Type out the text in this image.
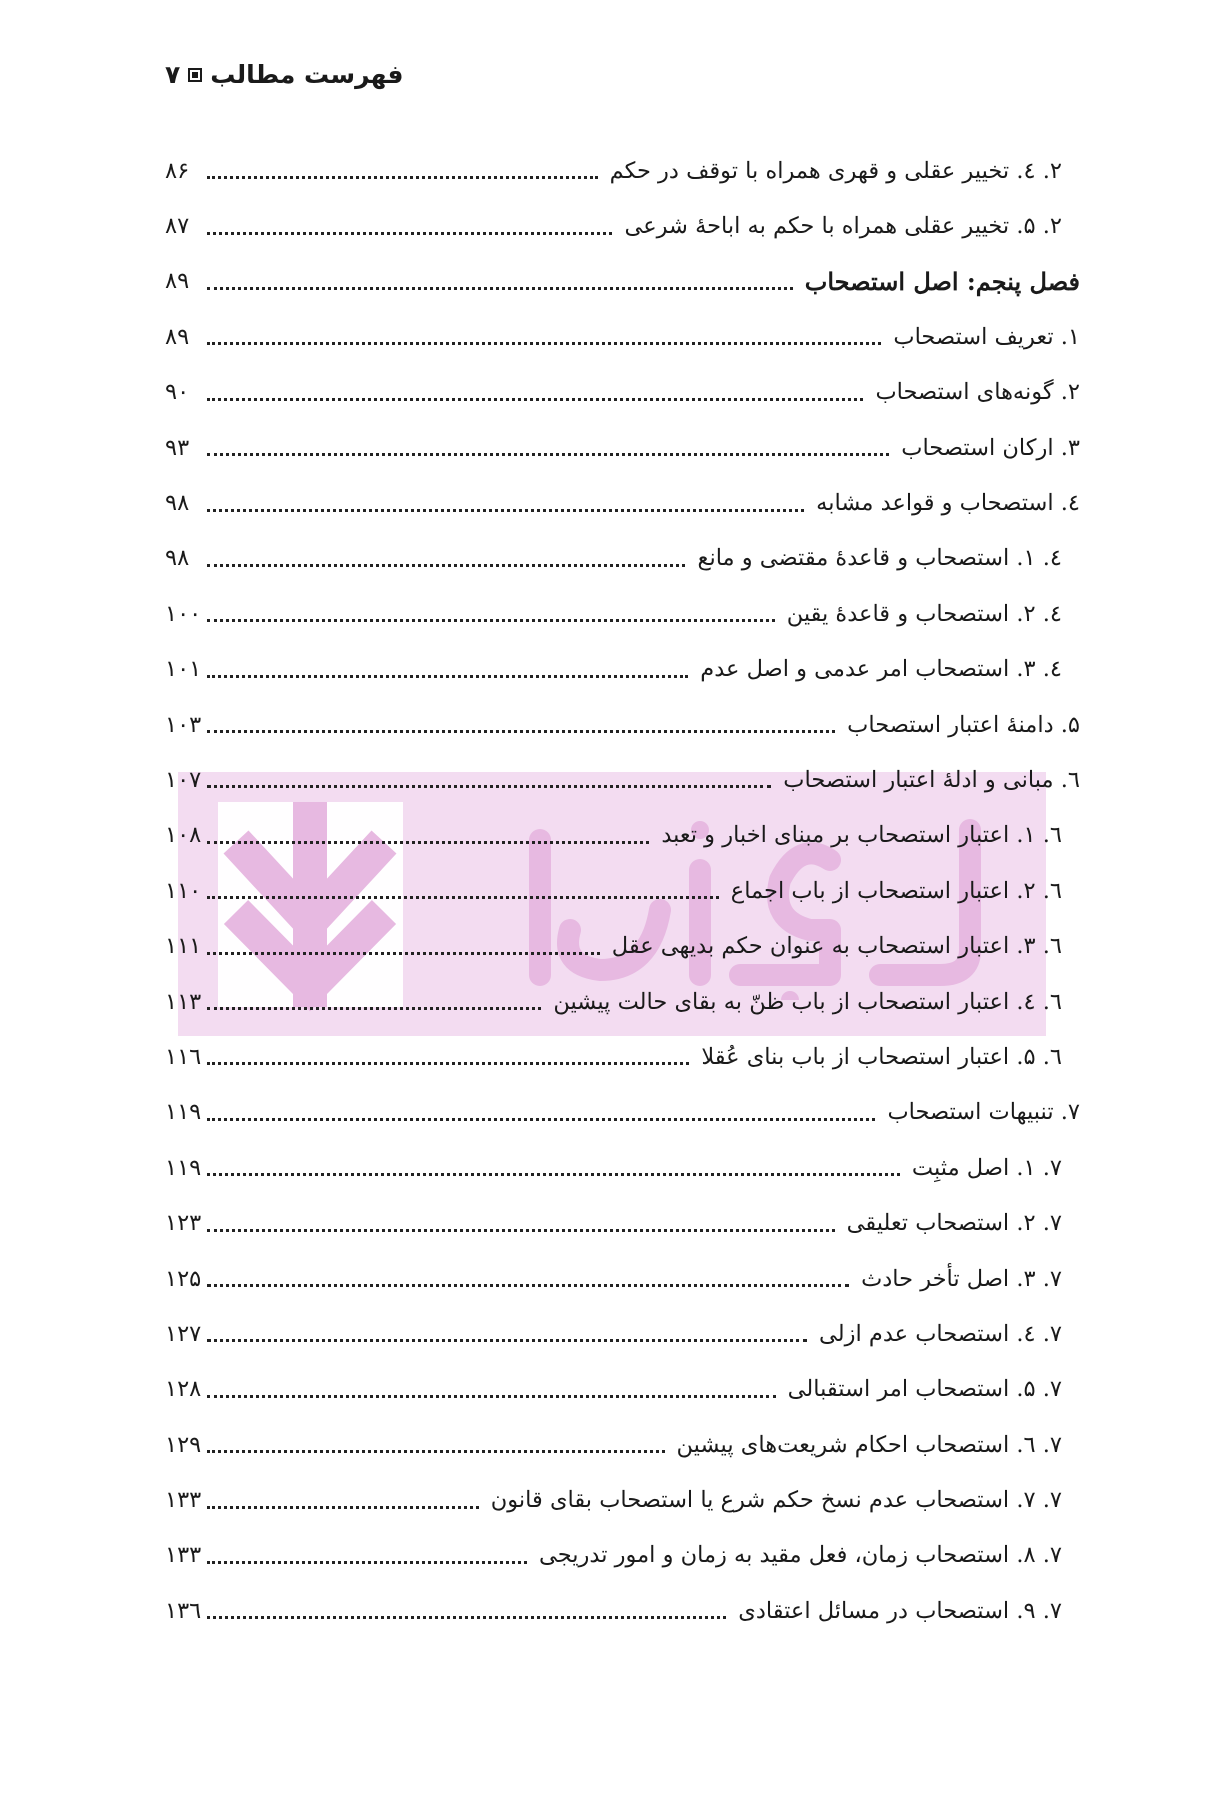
فهرست مطالب
۷
۲. ٤. تخییر عقلی و قهری همراه با توقف در حکم
۸۶
۲. ۵. تخییر عقلی همراه با حکم به اباحهٔ شرعی
۸۷
فصل پنجم: اصل استصحاب
۸۹
۱. تعریف استصحاب
۸۹
۲. گونه‌های استصحاب
۹۰
۳. ارکان استصحاب
۹۳
٤. استصحاب و قواعد مشابه
۹۸
٤. ۱. استصحاب و قاعدهٔ مقتضی و مانع
۹۸
٤. ۲. استصحاب و قاعدهٔ یقین
۱۰۰
٤. ۳. استصحاب امر عدمی و اصل عدم
۱۰۱
۵. دامنهٔ اعتبار استصحاب
۱۰۳
٦. مبانی و ادلهٔ اعتبار استصحاب
۱۰۷
٦. ۱. اعتبار استصحاب بر مبنای اخبار و تعبد
۱۰۸
٦. ۲. اعتبار استصحاب از باب اجماع
۱۱۰
٦. ۳. اعتبار استصحاب به عنوان حکم بدیهی عقل
۱۱۱
٦. ٤. اعتبار استصحاب از باب ظنّ به بقای حالت پیشین
۱۱۳
٦. ۵. اعتبار استصحاب از باب بنای عُقلا
۱۱٦
۷. تنبیهات استصحاب
۱۱۹
۷. ۱. اصل مثبِت
۱۱۹
۷. ۲. استصحاب تعلیقی
۱۲۳
۷. ۳. اصل تأخر حادث
۱۲۵
۷. ٤. استصحاب عدم ازلی
۱۲۷
۷. ۵. استصحاب امر استقبالی
۱۲۸
۷. ٦. استصحاب احکام شریعت‌های پیشین
۱۲۹
۷. ۷. استصحاب عدم نسخ حکم شرع یا استصحاب بقای قانون
۱۳۳
۷. ۸. استصحاب زمان، فعل مقید به زمان و امور تدریجی
۱۳۳
۷. ۹. استصحاب در مسائل اعتقادی
۱۳٦
